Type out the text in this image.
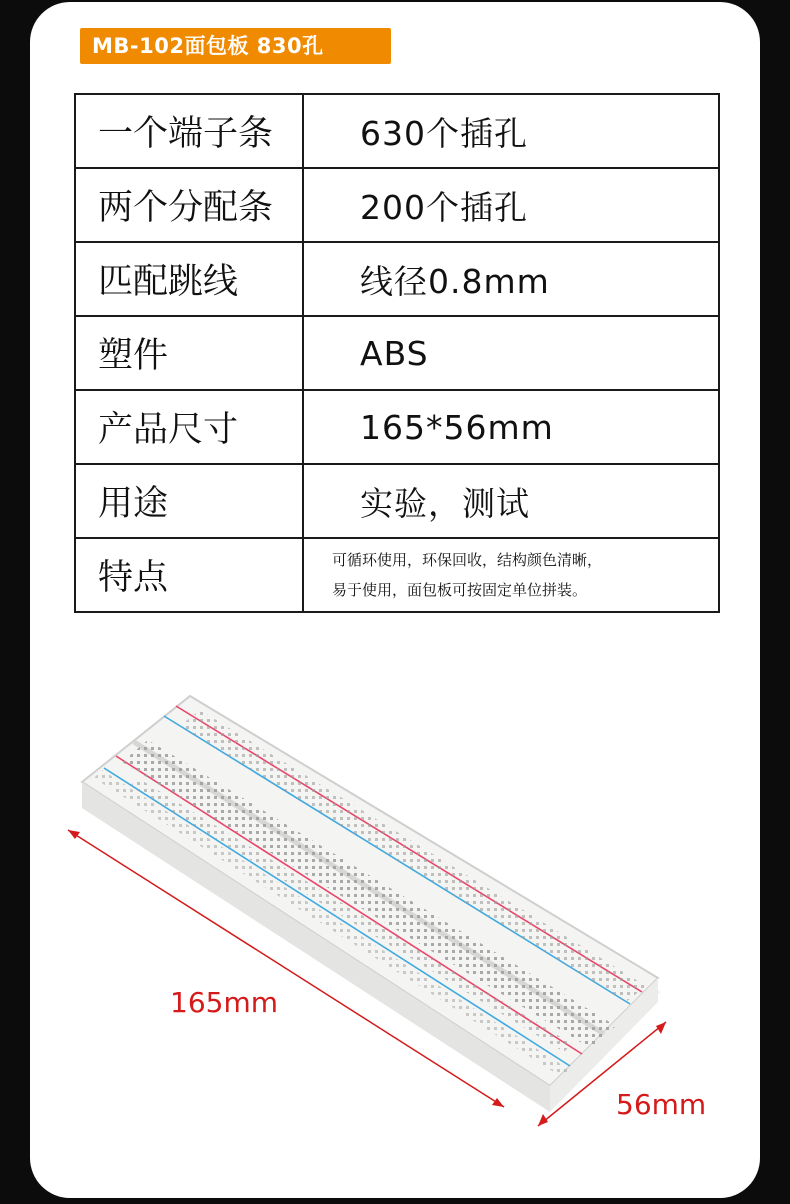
MB-102面包板 830孔
一个端子条	630个插孔
两个分配条	200个插孔
匹配跳线	线径0.8mm
塑件	ABS
产品尺寸	165*56mm
用途	实验，测试
特点	可循环使用，环保回收，结构颜色清晰，
易于使用，面包板可按固定单位拼装。
165mm
56mm
